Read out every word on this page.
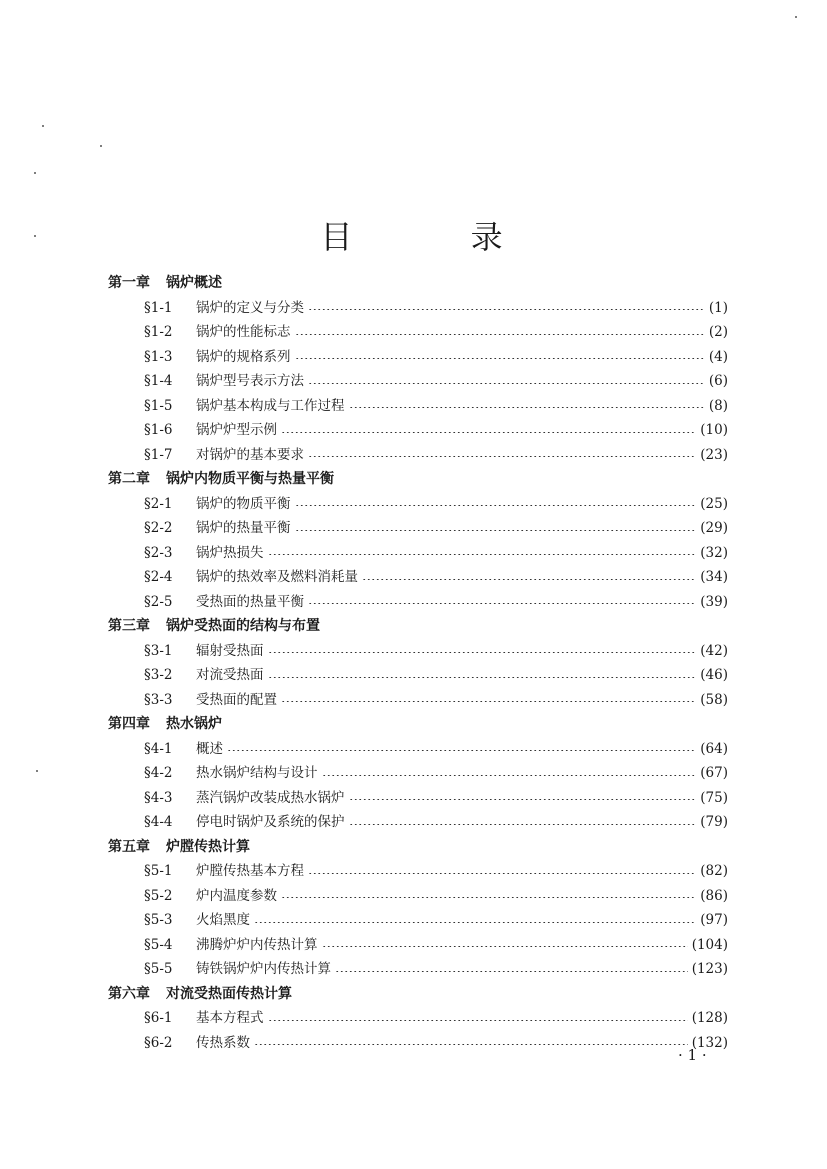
目 录
第一章 锅炉概述
§1-1	锅炉的定义与分类	(1)
§1-2	锅炉的性能标志	(2)
§1-3	锅炉的规格系列	(4)
§1-4	锅炉型号表示方法	(6)
§1-5	锅炉基本构成与工作过程	(8)
§1-6	锅炉炉型示例	(10)
§1-7	对锅炉的基本要求	(23)
第二章 锅炉内物质平衡与热量平衡
§2-1	锅炉的物质平衡	(25)
§2-2	锅炉的热量平衡	(29)
§2-3	锅炉热损失	(32)
§2-4	锅炉的热效率及燃料消耗量	(34)
§2-5	受热面的热量平衡	(39)
第三章 锅炉受热面的结构与布置
§3-1	辐射受热面	(42)
§3-2	对流受热面	(46)
§3-3	受热面的配置	(58)
第四章 热水锅炉
§4-1	概述	(64)
§4-2	热水锅炉结构与设计	(67)
§4-3	蒸汽锅炉改装成热水锅炉	(75)
§4-4	停电时锅炉及系统的保护	(79)
第五章 炉膛传热计算
§5-1	炉膛传热基本方程	(82)
§5-2	炉内温度参数	(86)
§5-3	火焰黑度	(97)
§5-4	沸腾炉炉内传热计算	(104)
§5-5	铸铁锅炉炉内传热计算	(123)
第六章 对流受热面传热计算
§6-1	基本方程式	(128)
§6-2	传热系数	(132)
· 1 ·
